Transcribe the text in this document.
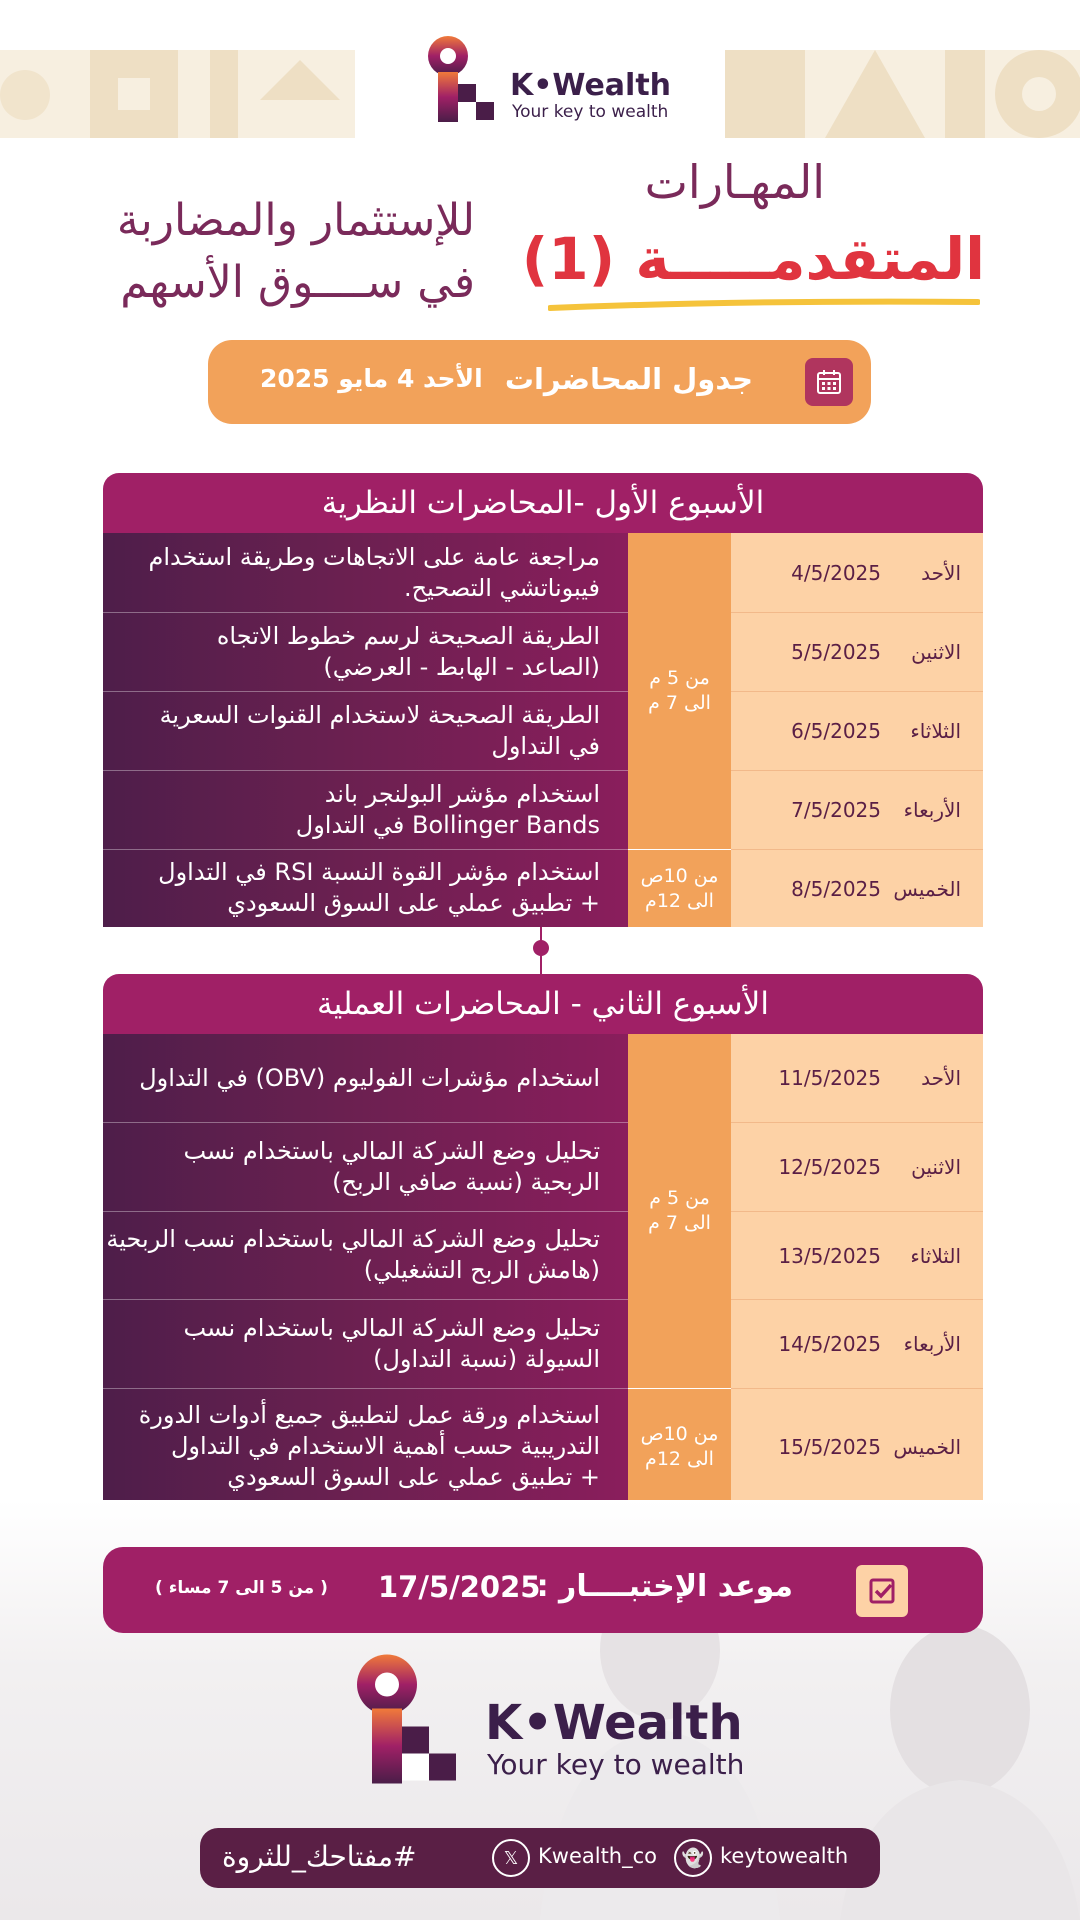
K•Wealth
Your key to wealth
المهـارات
المتقدمـــــة (1)
للإستثمار والمضاربة
في ســــوق الأسهم
جدول المحاضرات
الأحد 4 مايو 2025
الأسبوع الأول -المحاضرات النظرية
مراجعة عامة على الاتجاهات وطريقة استخدام
فيبوناتشي التصحيح.
الطريقة الصحيحة لرسم خطوط الاتجاه
(الصاعد - الهابط - العرضي)
الطريقة الصحيحة لاستخدام القنوات السعرية
في التداول
استخدام مؤشر البولنجر باند
Bollinger Bands في التداول
استخدام مؤشر القوة النسبة RSI في التداول
+ تطبيق عملي على السوق السعودي
من 5 م
الى 7 م
من 10ص
الى 12م
الأحد
4/5/2025
الاثنين
5/5/2025
الثلاثاء
6/5/2025
الأربعاء
7/5/2025
الخميس
8/5/2025
الأسبوع الثاني - المحاضرات العملية
استخدام مؤشرات الفوليوم (OBV) في التداول
تحليل وضع الشركة المالي باستخدام نسب
الربحية (نسبة صافي الربح)
تحليل وضع الشركة المالي باستخدام نسب الربحية
(هامش الربح التشغيلي)
تحليل وضع الشركة المالي باستخدام نسب
السيولة (نسبة التداول)
استخدام ورقة عمل لتطبيق جميع أدوات الدورة
التدريبية حسب أهمية الاستخدام في التداول
+ تطبيق عملي على السوق السعودي
من 5 م
الى 7 م
من 10ص
الى 12م
الأحد
11/5/2025
الاثنين
12/5/2025
الثلاثاء
13/5/2025
الأربعاء
14/5/2025
الخميس
15/5/2025
موعد الإختبــــار :
17/5/2025
( من 5 الى 7 مساء )
K•Wealth
Your key to wealth
#مفتاحك_للثروة	𝕏 Kwealth_co	👻 keytowealth
